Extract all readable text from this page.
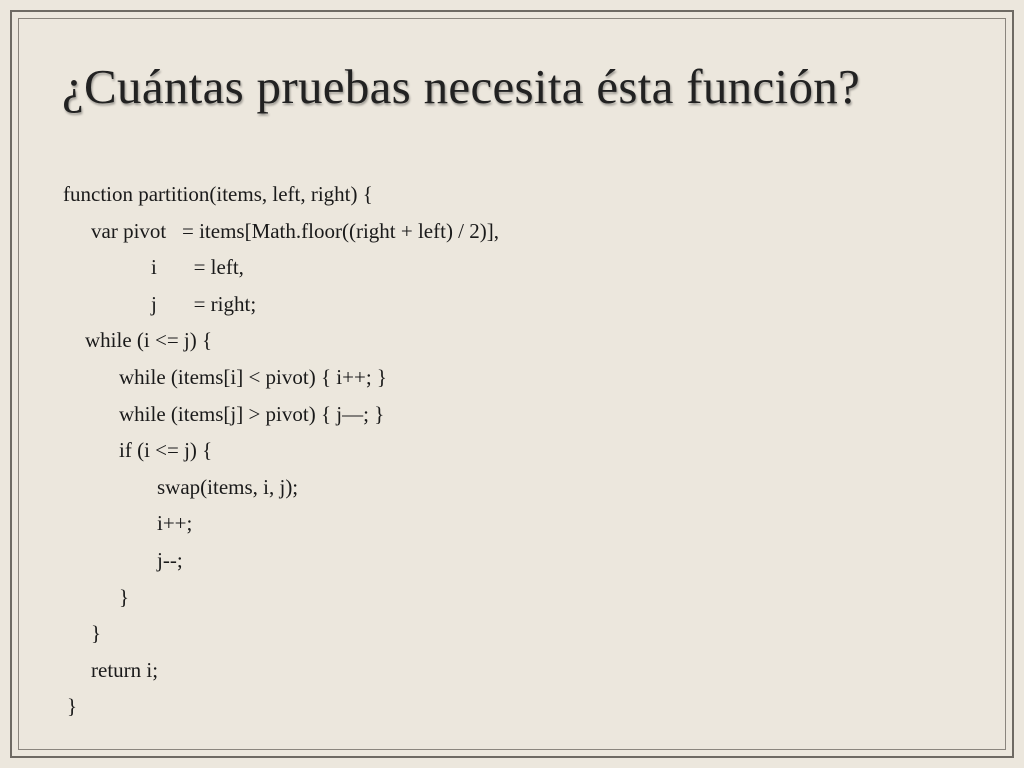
¿Cuántas pruebas necesita ésta función?
function partition(items, left, right) {
var pivot   = items[Math.floor((right + left) / 2)],
i       = left,
j       = right;
while (i <= j) {
while (items[i] < pivot) { i++; }
while (items[j] > pivot) { j—; }
if (i <= j) {
swap(items, i, j);
i++;
j--;
}
}
return i;
}
